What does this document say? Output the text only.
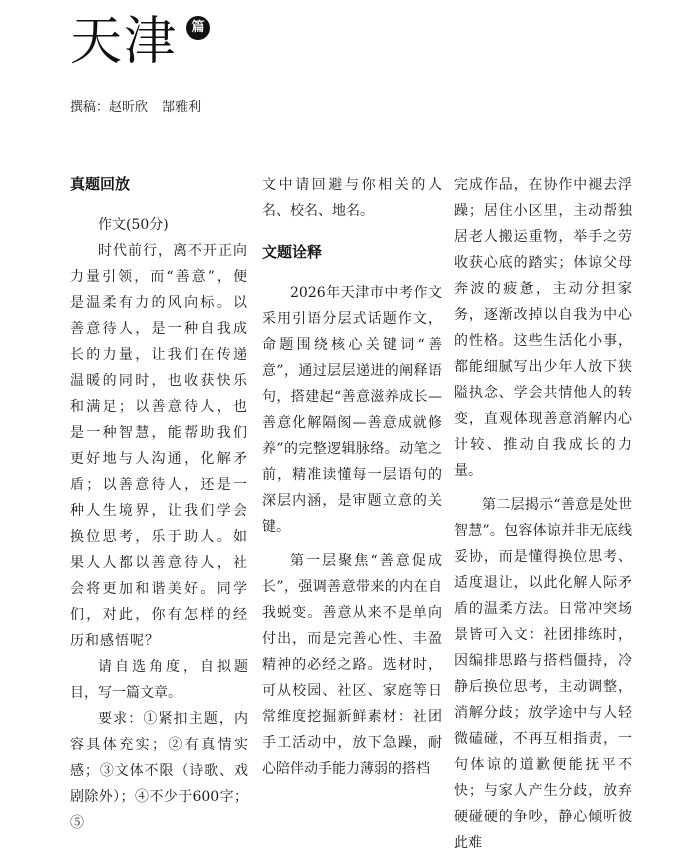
天津	篇
撰稿：赵昕欣 郜雅利
真题回放

作文(50分)

时代前行，离不开正向力量引领，而“善意”，便是温柔有力的风向标。以善意待人，是一种自我成长的力量，让我们在传递温暖的同时，也收获快乐和满足；以善意待人，也是一种智慧，能帮助我们更好地与人沟通，化解矛盾；以善意待人，还是一种人生境界，让我们学会换位思考，乐于助人。如果人人都以善意待人，社会将更加和谐美好。同学们，对此，你有怎样的经历和感悟呢？

请自选角度，自拟题目，写一篇文章。

要求：①紧扣主题，内容具体充实；②有真情实感；③文体不限（诗歌、戏剧除外）；④不少于600字；⑤

文中请回避与你相关的人名、校名、地名。

文题诠释

2026年天津市中考作文采用引语分层式话题作文，命题围绕核心关键词“善意”，通过层层递进的阐释语句，搭建起“善意滋养成长—善意化解隔阂—善意成就修养”的完整逻辑脉络。动笔之前，精准读懂每一层语句的深层内涵，是审题立意的关键。

第一层聚焦“善意促成长”，强调善意带来的内在自我蜕变。善意从来不是单向付出，而是完善心性、丰盈精神的必经之路。选材时，可从校园、社区、家庭等日常维度挖掘新鲜素材：社团手工活动中，放下急躁，耐心陪伴动手能力薄弱的搭档

完成作品，在协作中褪去浮躁；居住小区里，主动帮独居老人搬运重物，举手之劳收获心底的踏实；体谅父母奔波的疲惫，主动分担家务，逐渐改掉以自我为中心的性格。这些生活化小事，都能细腻写出少年人放下狭隘执念、学会共情他人的转变，直观体现善意消解内心计较、推动自我成长的力量。

第二层揭示“善意是处世智慧”。包容体谅并非无底线妥协，而是懂得换位思考、适度退让，以此化解人际矛盾的温柔方法。日常冲突场景皆可入文：社团排练时，因编排思路与搭档僵持，冷静后换位思考，主动调整，消解分歧；放学途中与人轻微磕碰，不再互相指责，一句体谅的道歉便能抚平不快；与家人产生分歧，放弃硬碰硬的争吵，静心倾听彼此难
